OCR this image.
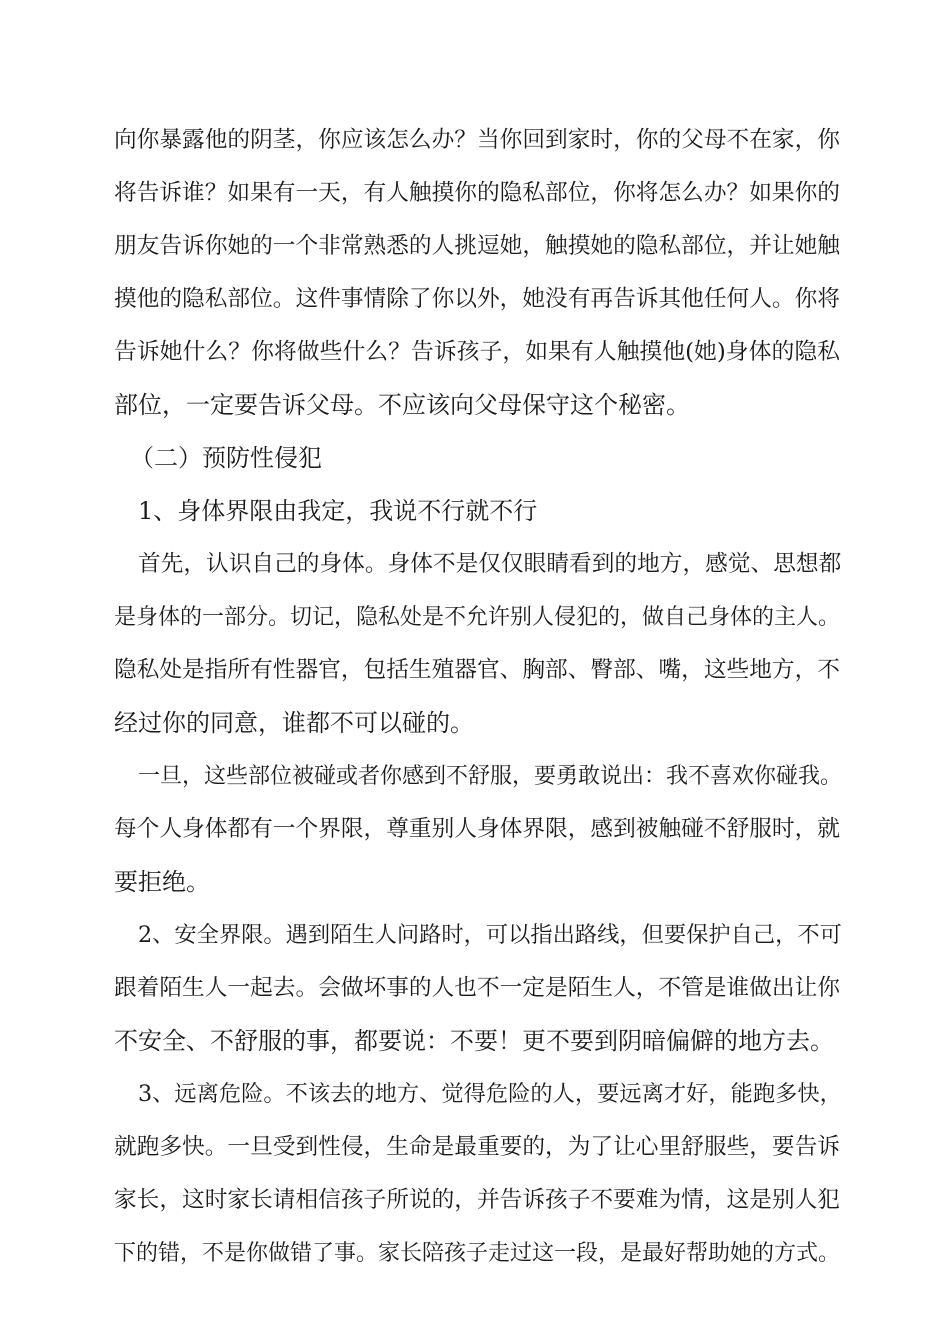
向你暴露他的阴茎，你应该怎么办？当你回到家时，你的父母不在家，你
将告诉谁？如果有一天，有人触摸你的隐私部位，你将怎么办？如果你的
朋友告诉你她的一个非常熟悉的人挑逗她，触摸她的隐私部位，并让她触
摸他的隐私部位。这件事情除了你以外，她没有再告诉其他任何人。你将
告诉她什么？你将做些什么？告诉孩子，如果有人触摸他(她)身体的隐私
部位，一定要告诉父母。不应该向父母保守这个秘密。
（二）预防性侵犯
1、身体界限由我定，我说不行就不行
首先，认识自己的身体。身体不是仅仅眼睛看到的地方，感觉、思想都
是身体的一部分。切记，隐私处是不允许别人侵犯的，做自己身体的主人。
隐私处是指所有性器官，包括生殖器官、胸部、臀部、嘴，这些地方，不
经过你的同意，谁都不可以碰的。
一旦，这些部位被碰或者你感到不舒服，要勇敢说出：我不喜欢你碰我。
每个人身体都有一个界限，尊重别人身体界限，感到被触碰不舒服时，就
要拒绝。
2、安全界限。遇到陌生人问路时，可以指出路线，但要保护自己，不可
跟着陌生人一起去。会做坏事的人也不一定是陌生人，不管是谁做出让你
不安全、不舒服的事，都要说：不要！更不要到阴暗偏僻的地方去。
3、远离危险。不该去的地方、觉得危险的人，要远离才好，能跑多快，
就跑多快。一旦受到性侵，生命是最重要的，为了让心里舒服些，要告诉
家长，这时家长请相信孩子所说的，并告诉孩子不要难为情，这是别人犯
下的错，不是你做错了事。家长陪孩子走过这一段，是最好帮助她的方式。
